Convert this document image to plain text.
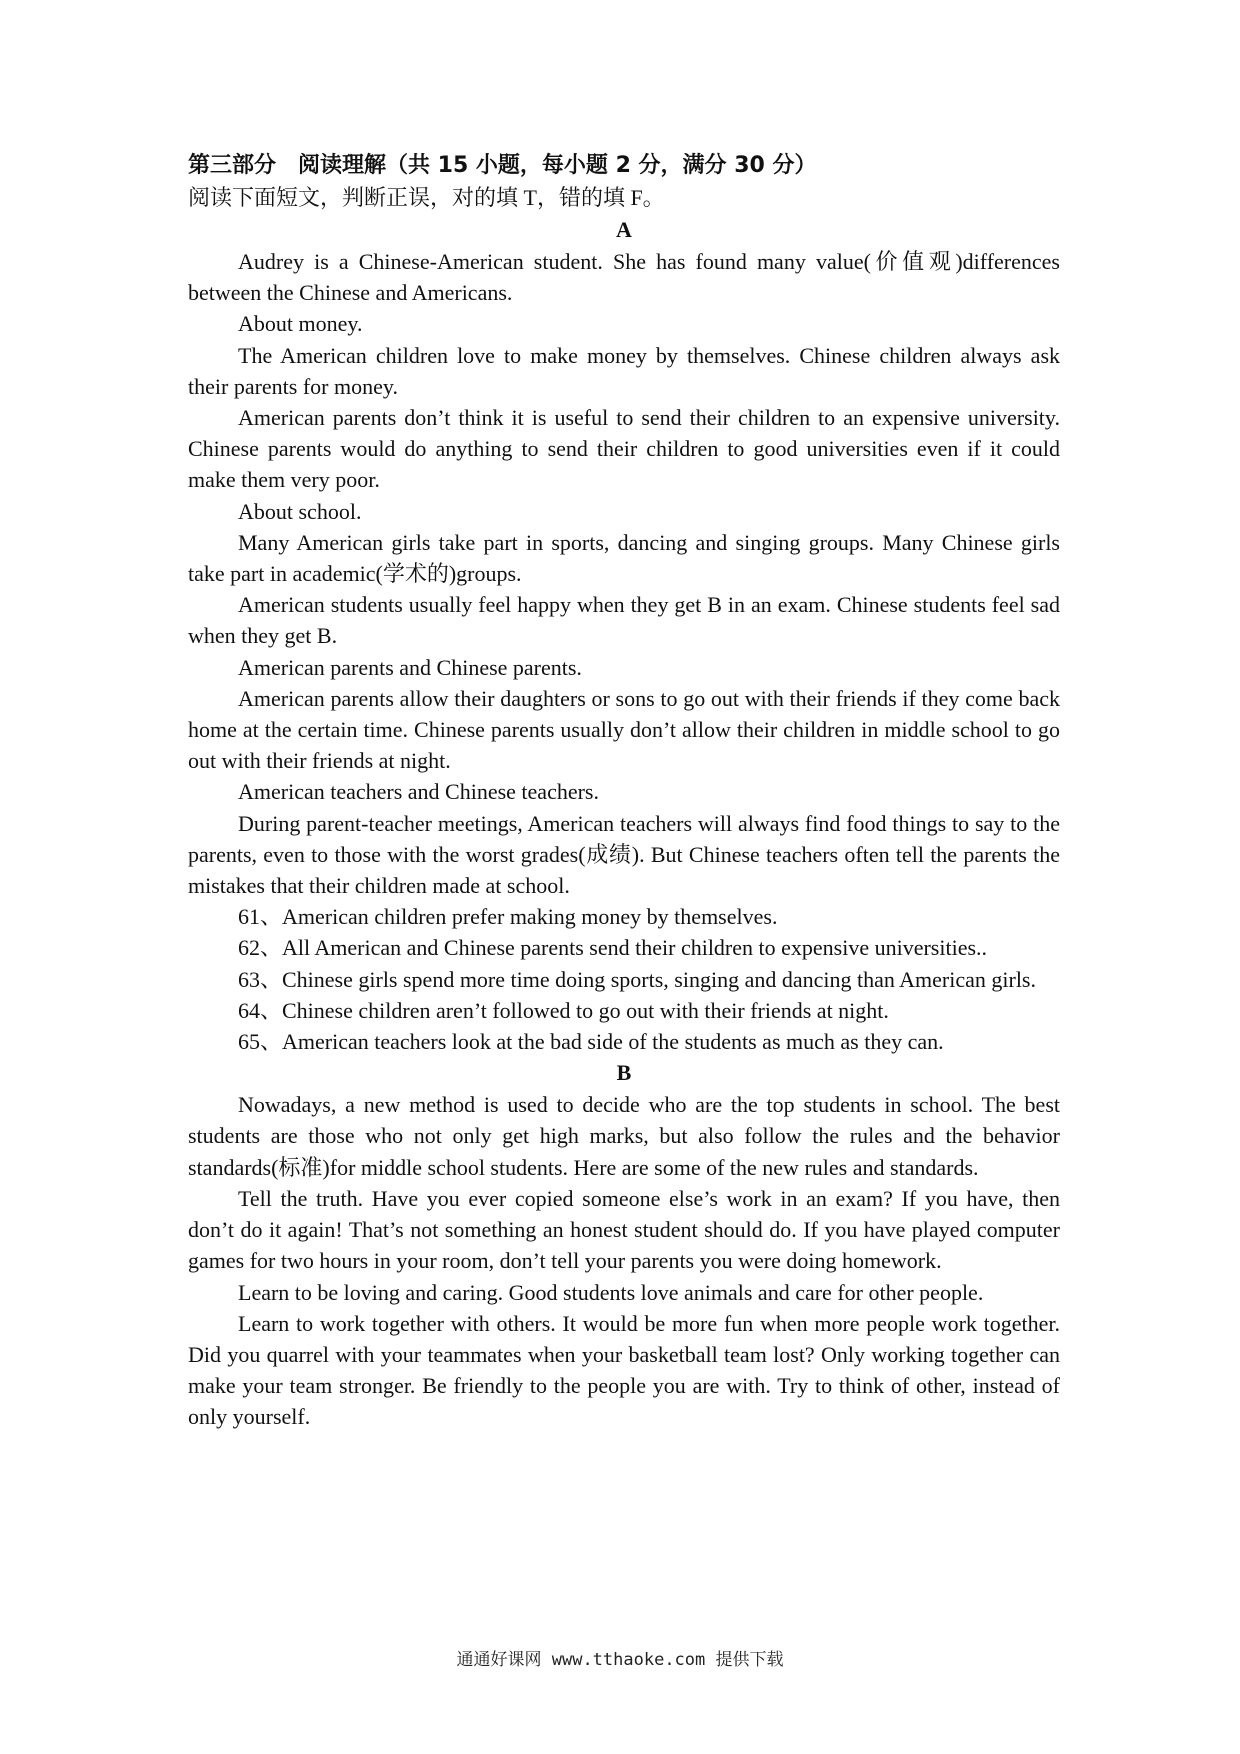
第三部分　阅读理解（共 15 小题，每小题 2 分，满分 30 分）

阅读下面短文，判断正误，对的填 T，错的填 F。

A

Audrey is a Chinese-American student. She has found many value(价值观)differences between the Chinese and Americans.

About money.

The American children love to make money by themselves. Chinese children always ask their parents for money.

American parents don’t think it is useful to send their children to an expensive university. Chinese parents would do anything to send their children to good universities even if it could make them very poor.

About school.

Many American girls take part in sports, dancing and singing groups. Many Chinese girls take part in academic(学术的)groups.

American students usually feel happy when they get B in an exam. Chinese students feel sad when they get B.

American parents and Chinese parents.

American parents allow their daughters or sons to go out with their friends if they come back home at the certain time. Chinese parents usually don’t allow their children in middle school to go out with their friends at night.

American teachers and Chinese teachers.

During parent-teacher meetings, American teachers will always find food things to say to the parents, even to those with the worst grades(成绩). But Chinese teachers often tell the parents the mistakes that their children made at school.

61、American children prefer making money by themselves.

62、All American and Chinese parents send their children to expensive universities..

63、Chinese girls spend more time doing sports, singing and dancing than American girls.

64、Chinese children aren’t followed to go out with their friends at night.

65、American teachers look at the bad side of the students as much as they can.

B

Nowadays, a new method is used to decide who are the top students in school. The best students are those who not only get high marks, but also follow the rules and the behavior standards(标准)for middle school students. Here are some of the new rules and standards.

Tell the truth. Have you ever copied someone else’s work in an exam? If you have, then don’t do it again! That’s not something an honest student should do. If you have played computer games for two hours in your room, don’t tell your parents you were doing homework.

Learn to be loving and caring. Good students love animals and care for other people.

Learn to work together with others. It would be more fun when more people work together. Did you quarrel with your teammates when your basketball team lost? Only working together can make your team stronger. Be friendly to the people you are with. Try to think of other, instead of only yourself.

通通好课网 www.tthaoke.com 提供下载
